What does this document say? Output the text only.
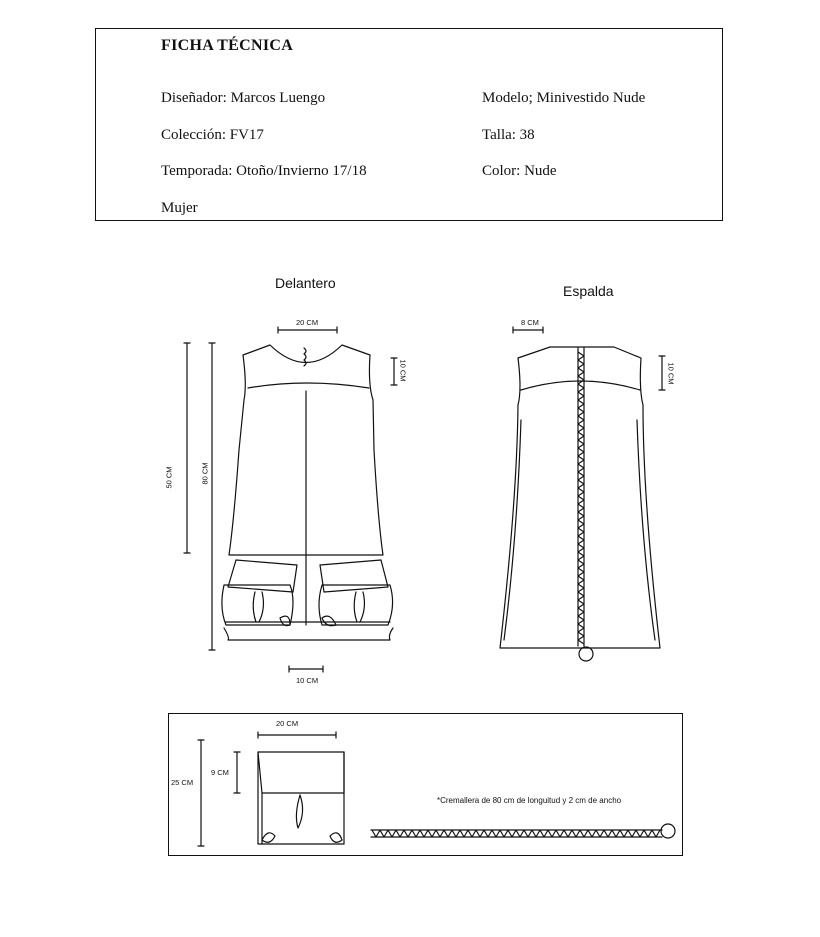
FICHA TÉCNICA
Diseñador: Marcos Luengo
Colección: FV17
Temporada: Otoño/Invierno 17/18
Mujer
Modelo; Minivestido Nude
Talla: 38
Color: Nude
Delantero	Espalda
20 CM
10 CM
50 CM	80 CM
10 CM
8 CM
10 CM
20 CM
25 CM
9 CM
*Cremallera de 80 cm de longuitud y 2 cm de ancho
